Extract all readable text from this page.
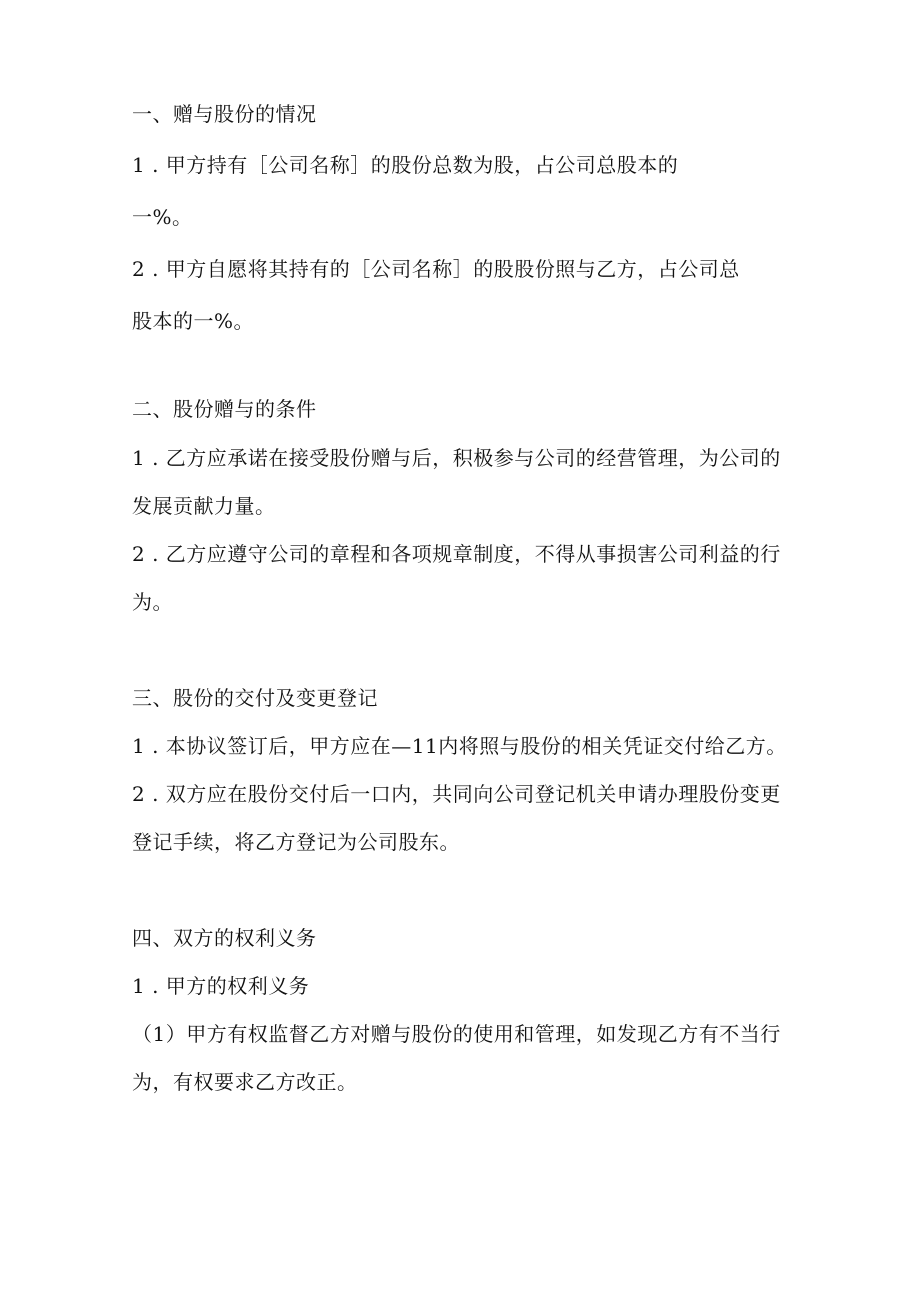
一、赠与股份的情况
1 . 甲方持有［公司名称］的股份总数为股，占公司总股本的
一%。
2 . 甲方自愿将其持有的［公司名称］的股股份照与乙方，占公司总
股本的一%。
二、股份赠与的条件
1 . 乙方应承诺在接受股份赠与后，积极参与公司的经营管理，为公司的
发展贡献力量。
2 . 乙方应遵守公司的章程和各项规章制度，不得从事损害公司利益的行
为。
三、股份的交付及变更登记
1 . 本协议签订后，甲方应在—11内将照与股份的相关凭证交付给乙方。
2 . 双方应在股份交付后一口内，共同向公司登记机关申请办理股份变更
登记手续，将乙方登记为公司股东。
四、双方的权利义务
1 . 甲方的权利义务
（1）甲方有权监督乙方对赠与股份的使用和管理，如发现乙方有不当行
为，有权要求乙方改正。
